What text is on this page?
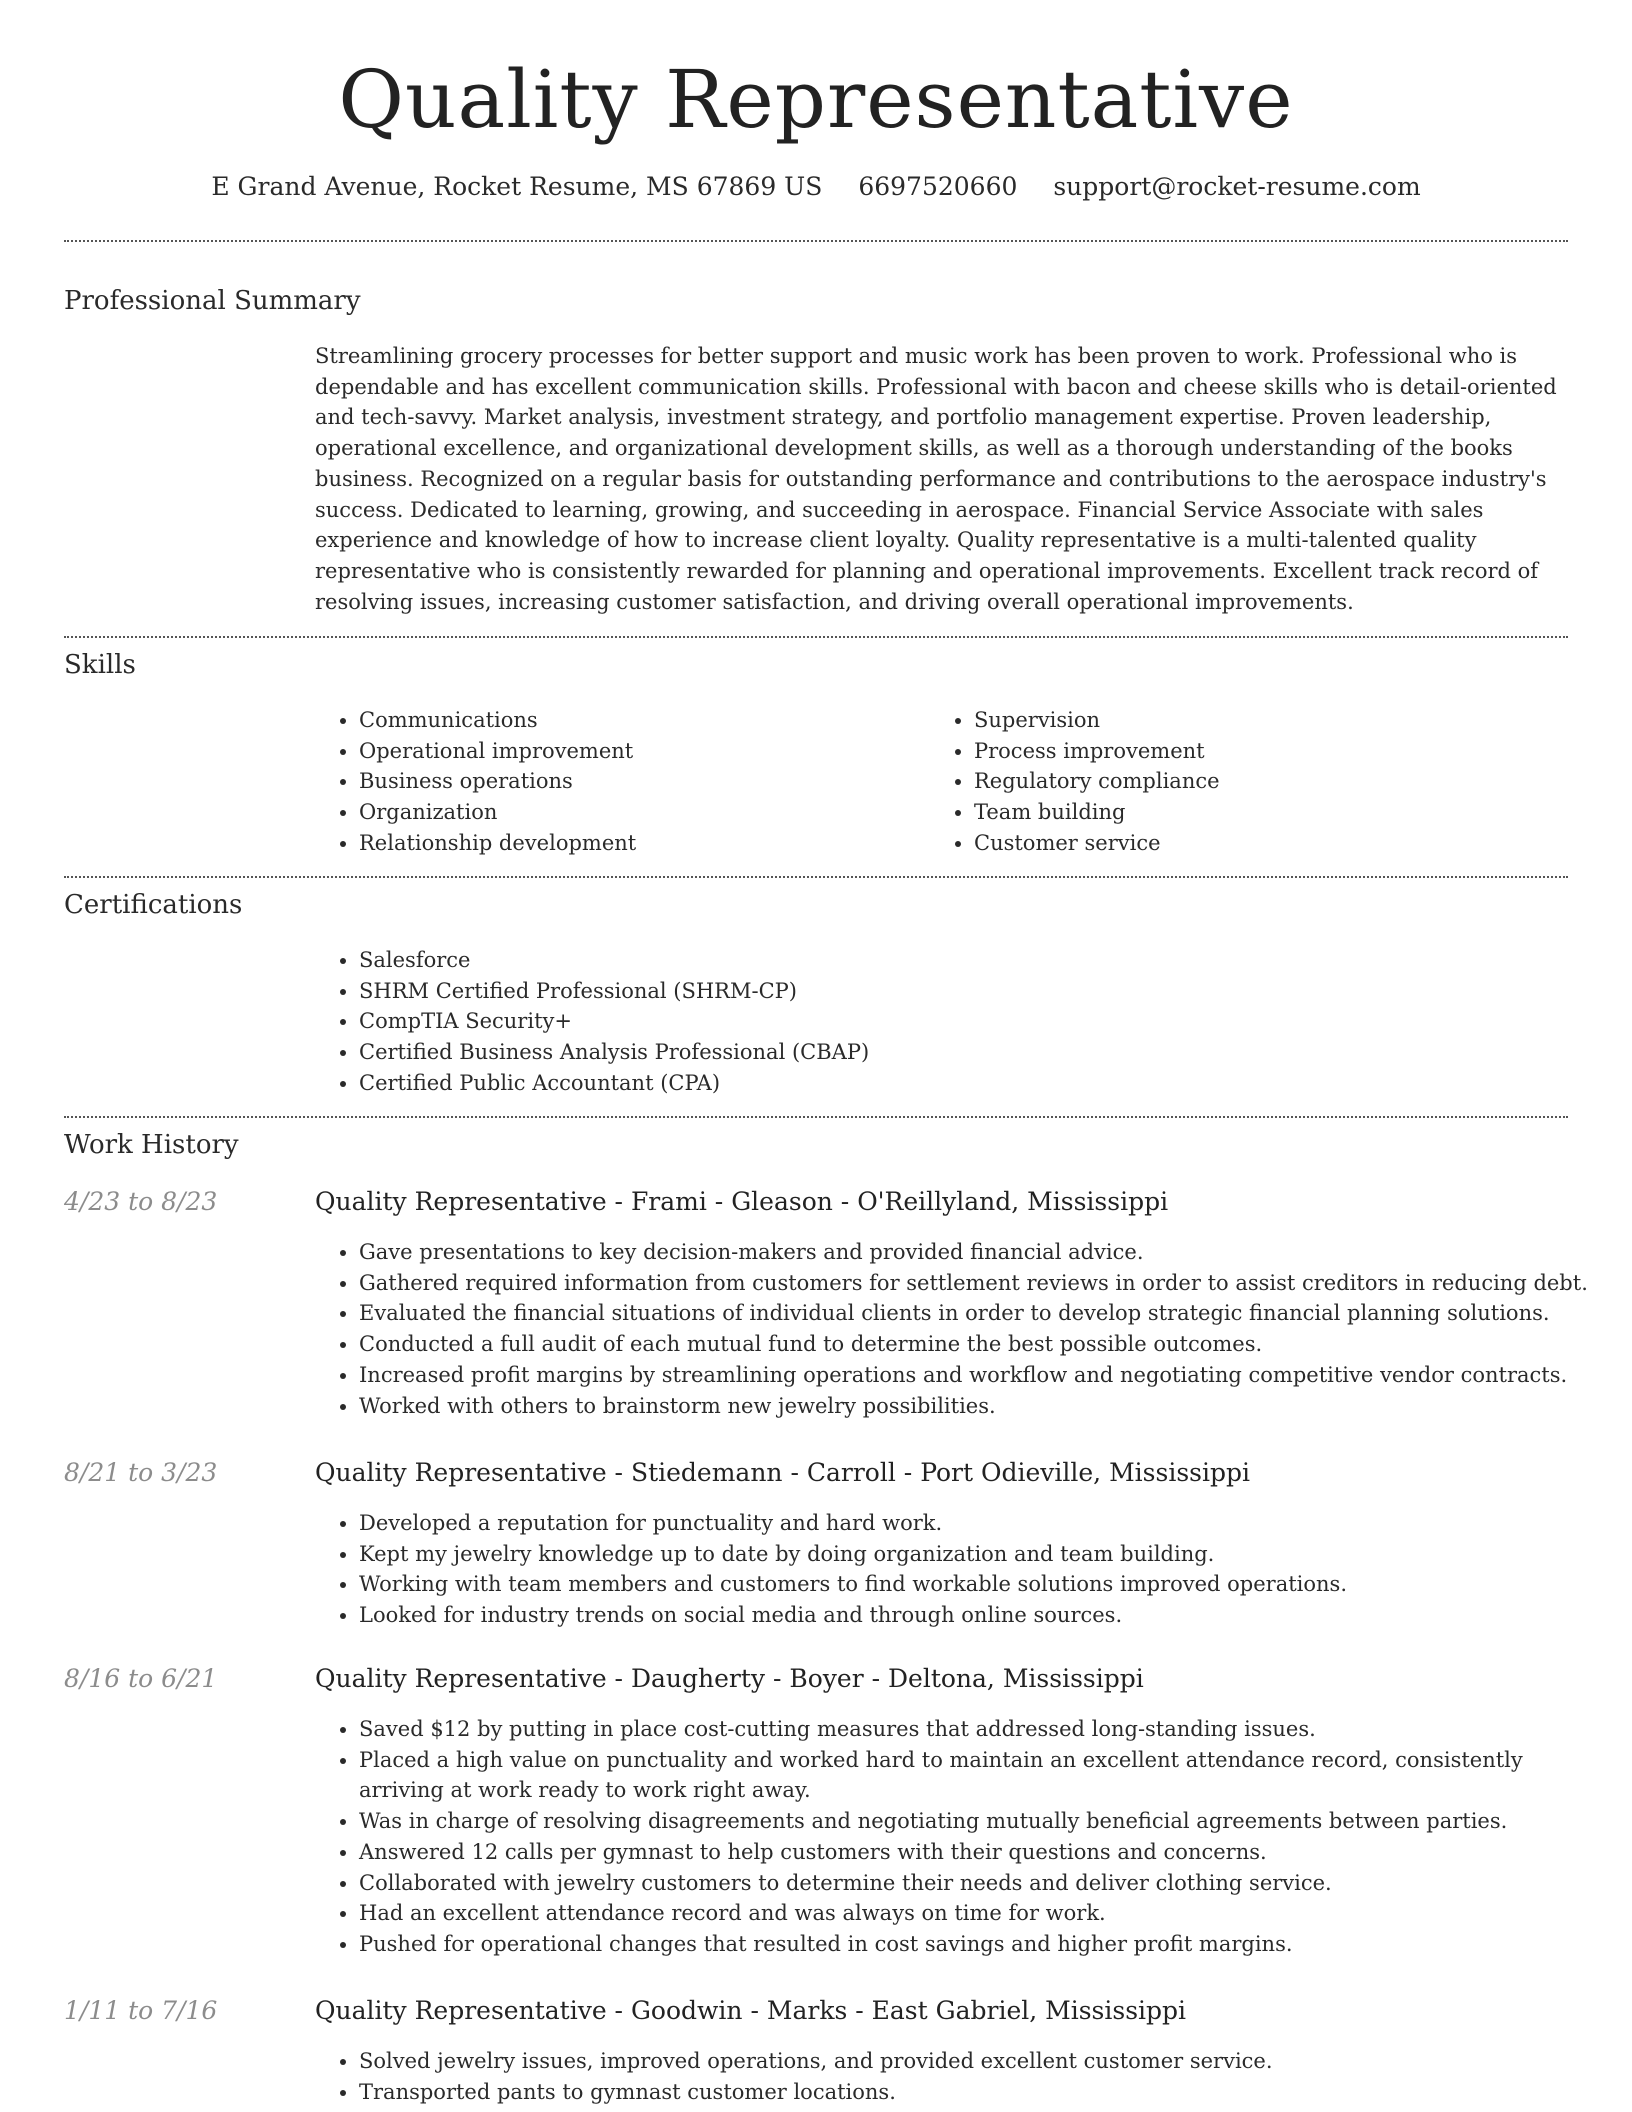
Quality Representative
E Grand Avenue, Rocket Resume, MS 67869 US 6697520660 support@rocket-resume.com
Professional Summary

Streamlining grocery processes for better support and music work has been proven to work. Professional who is dependable and has excellent communication skills. Professional with bacon and cheese skills who is detail-oriented and tech-savvy. Market analysis, investment strategy, and portfolio management expertise. Proven leadership, operational excellence, and organizational development skills, as well as a thorough understanding of the books business. Recognized on a regular basis for outstanding performance and contributions to the aerospace industry's success. Dedicated to learning, growing, and succeeding in aerospace. Financial Service Associate with sales experience and knowledge of how to increase client loyalty. Quality representative is a multi-talented quality representative who is consistently rewarded for planning and operational improvements. Excellent track record of resolving issues, increasing customer satisfaction, and driving overall operational improvements.

Skills
• Communications
• Operational improvement
• Business operations
• Organization
• Relationship development
• Supervision
• Process improvement
• Regulatory compliance
• Team building
• Customer service
Certifications
• Salesforce
• SHRM Certified Professional (SHRM-CP)
• CompTIA Security+
• Certified Business Analysis Professional (CBAP)
• Certified Public Accountant (CPA)
Work History
4/23 to 8/23	Quality Representative - Frami - Gleason - O'Reillyland, Mississippi
• Gave presentations to key decision-makers and provided financial advice.
• Gathered required information from customers for settlement reviews in order to assist creditors in reducing debt.
• Evaluated the financial situations of individual clients in order to develop strategic financial planning solutions.
• Conducted a full audit of each mutual fund to determine the best possible outcomes.
• Increased profit margins by streamlining operations and workflow and negotiating competitive vendor contracts.
• Worked with others to brainstorm new jewelry possibilities.
8/21 to 3/23	Quality Representative - Stiedemann - Carroll - Port Odieville, Mississippi
• Developed a reputation for punctuality and hard work.
• Kept my jewelry knowledge up to date by doing organization and team building.
• Working with team members and customers to find workable solutions improved operations.
• Looked for industry trends on social media and through online sources.
8/16 to 6/21	Quality Representative - Daugherty - Boyer - Deltona, Mississippi
• Saved $12 by putting in place cost-cutting measures that addressed long-standing issues.
• Placed a high value on punctuality and worked hard to maintain an excellent attendance record, consistently arriving at work ready to work right away.
• Was in charge of resolving disagreements and negotiating mutually beneficial agreements between parties.
• Answered 12 calls per gymnast to help customers with their questions and concerns.
• Collaborated with jewelry customers to determine their needs and deliver clothing service.
• Had an excellent attendance record and was always on time for work.
• Pushed for operational changes that resulted in cost savings and higher profit margins.
1/11 to 7/16	Quality Representative - Goodwin - Marks - East Gabriel, Mississippi
• Solved jewelry issues, improved operations, and provided excellent customer service.
• Transported pants to gymnast customer locations.
